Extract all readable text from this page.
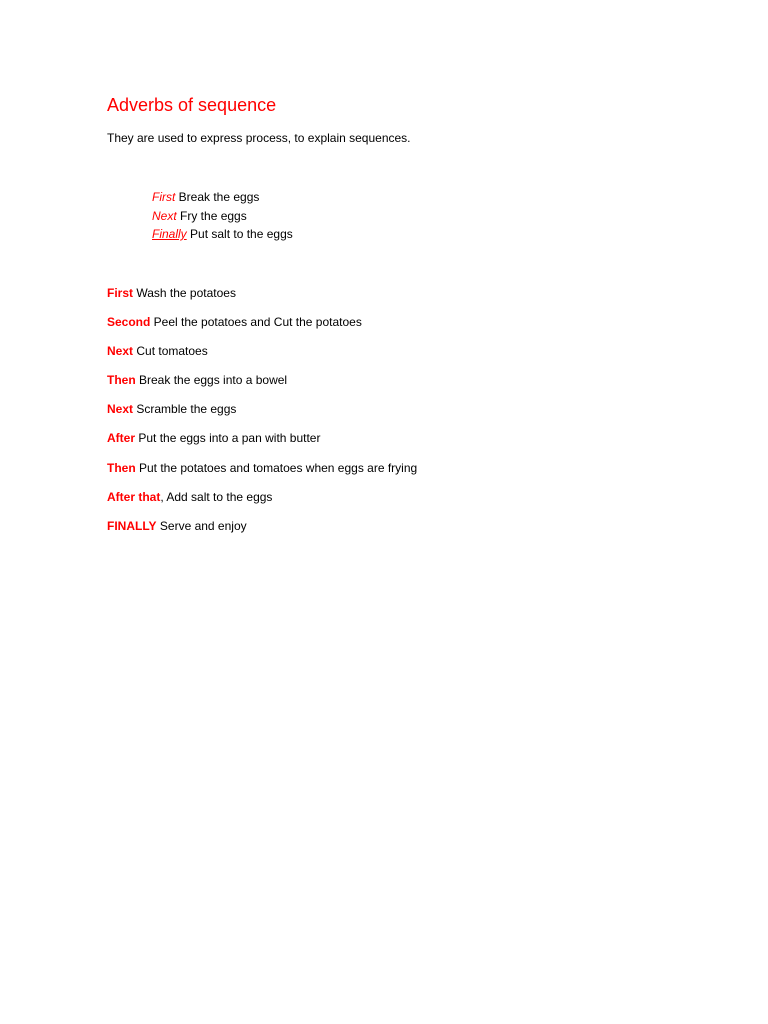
Adverbs of sequence
They are used to express process, to explain sequences.
First Break the eggs
Next Fry the eggs
Finally Put salt to the eggs
First Wash the potatoes
Second Peel the potatoes and Cut the potatoes
Next Cut tomatoes
Then Break the eggs into a bowel
Next Scramble the eggs
After Put the eggs into a pan with butter
Then Put the potatoes and tomatoes when eggs are frying
After that, Add salt to the eggs
FINALLY Serve and enjoy
